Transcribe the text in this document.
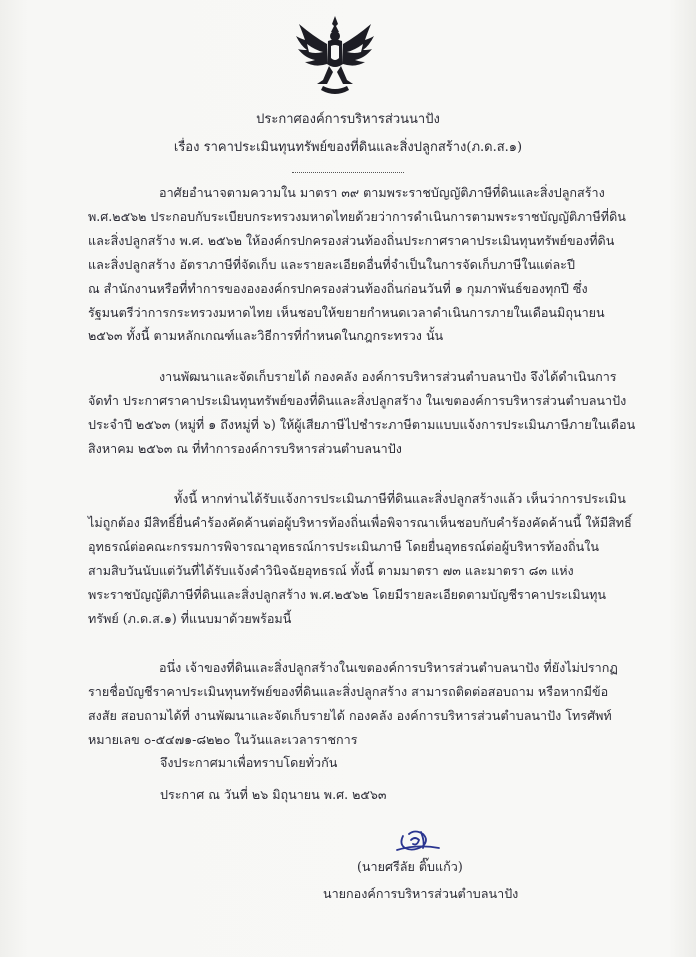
ประกาศองค์การบริหารส่วนนาปัง
เรื่อง ราคาประเมินทุนทรัพย์ของที่ดินและสิ่งปลูกสร้าง(ภ.ด.ส.๑)
อาศัยอำนาจตามความใน มาตรา ๓๙ ตามพระราชบัญญัติภาษีที่ดินและสิ่งปลูกสร้าง
พ.ศ.๒๕๖๒ ประกอบกับระเบียบกระทรวงมหาดไทยด้วยว่าการดำเนินการตามพระราชบัญญัติภาษีที่ดิน
และสิ่งปลูกสร้าง พ.ศ. ๒๕๖๒ ให้องค์กรปกครองส่วนท้องถิ่นประกาศราคาประเมินทุนทรัพย์ของที่ดิน
และสิ่งปลูกสร้าง อัตราภาษีที่จัดเก็บ และรายละเอียดอื่นที่จำเป็นในการจัดเก็บภาษีในแต่ละปี
ณ สำนักงานหรือที่ทำการของององค์กรปกครองส่วนท้องถิ่นก่อนวันที่ ๑ กุมภาพันธ์ของทุกปี ซึ่ง
รัฐมนตรีว่าการกระทรวงมหาดไทย เห็นชอบให้ขยายกำหนดเวลาดำเนินการภายในเดือนมิถุนายน
๒๕๖๓ ทั้งนี้ ตามหลักเกณฑ์และวิธีการที่กำหนดในกฎกระทรวง นั้น
งานพัฒนาและจัดเก็บรายได้ กองคลัง องค์การบริหารส่วนตำบลนาปัง จึงได้ดำเนินการ
จัดทำ ประกาศราคาประเมินทุนทรัพย์ของที่ดินและสิ่งปลูกสร้าง ในเขตองค์การบริหารส่วนตำบลนาปัง
ประจำปี ๒๕๖๓ (หมู่ที่ ๑ ถึงหมู่ที่ ๖) ให้ผู้เสียภาษีไปชำระภาษีตามแบบแจ้งการประเมินภาษีภายในเดือน
สิงหาคม ๒๕๖๓ ณ ที่ทำการองค์การบริหารส่วนตำบลนาปัง
ทั้งนี้ หากท่านได้รับแจ้งการประเมินภาษีที่ดินและสิ่งปลูกสร้างแล้ว เห็นว่าการประเมิน
ไม่ถูกต้อง มีสิทธิ์ยื่นคำร้องคัดค้านต่อผู้บริหารท้องถิ่นเพื่อพิจารณาเห็นชอบกับคำร้องคัดค้านนี้ ให้มีสิทธิ์
อุทธรณ์ต่อคณะกรรมการพิจารณาอุทธรณ์การประเมินภาษี โดยยื่นอุทธรณ์ต่อผู้บริหารท้องถิ่นใน
สามสิบวันนับแต่วันที่ได้รับแจ้งคำวินิจฉัยอุทธรณ์ ทั้งนี้ ตามมาตรา ๗๓ และมาตรา ๘๓ แห่ง
พระราชบัญญัติภาษีที่ดินและสิ่งปลูกสร้าง พ.ศ.๒๕๖๒ โดยมีรายละเอียดตามบัญชีราคาประเมินทุน
ทรัพย์ (ภ.ด.ส.๑) ที่แนบมาด้วยพร้อมนี้
อนึ่ง เจ้าของที่ดินและสิ่งปลูกสร้างในเขตองค์การบริหารส่วนตำบลนาปัง ที่ยังไม่ปรากฏ
รายชื่อบัญชีราคาประเมินทุนทรัพย์ของที่ดินและสิ่งปลูกสร้าง สามารถติดต่อสอบถาม หรือหากมีข้อ
สงสัย สอบถามได้ที่ งานพัฒนาและจัดเก็บรายได้ กองคลัง องค์การบริหารส่วนตำบลนาปัง โทรศัพท์
หมายเลข ๐-๕๔๗๑-๘๒๒๐ ในวันและเวลาราชการ
จึงประกาศมาเพื่อทราบโดยทั่วกัน
ประกาศ ณ วันที่ ๒๖ มิถุนายน พ.ศ. ๒๕๖๓
(นายศรีลัย ติ๊บแก้ว)
นายกองค์การบริหารส่วนตำบลนาปัง
